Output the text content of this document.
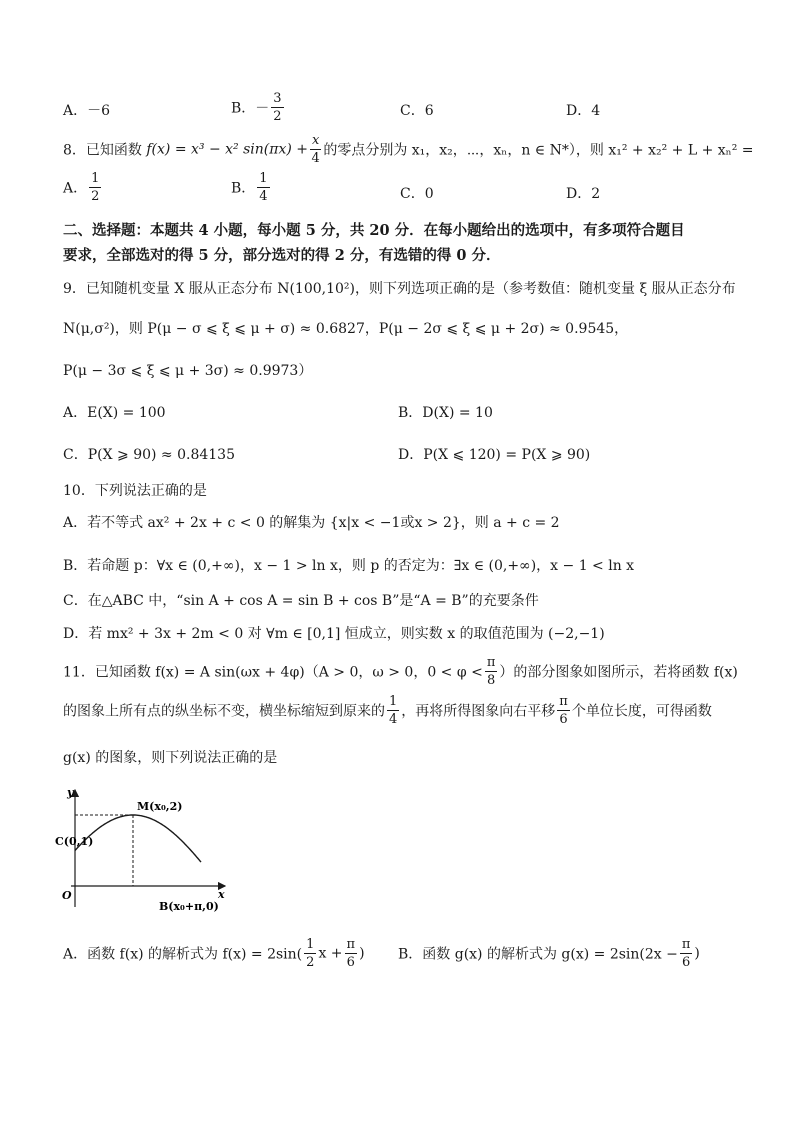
A．－6	B．－ $\frac{3}{2}$	C．6	D．4
8．已知函数 f(x) = x³ − x² $\sin(\pi x) + \frac{x}{4}$ 的零点分别为 x₁，x₂，⋯，xₙ，n ∈ N*），则 x₁² + x₂² + L + xₙ² =
A． $\frac{1}{2}$	B． $\frac{1}{4}$	C．0	D．2
二、选择题：本题共 4 小题，每小题 5 分，共 20 分．在每小题给出的选项中，有多项符合题目
要求，全部选对的得 5 分，部分选对的得 2 分，有选错的得 0 分．
9．已知随机变量 X 服从正态分布 N(100,10²)，则下列选项正确的是（参考数值：随机变量 ξ 服从正态分布
N(μ,σ²)，则 P(μ − σ ⩽ ξ ⩽ μ + σ) ≈ 0.6827，P(μ − 2σ ⩽ ξ ⩽ μ + 2σ) ≈ 0.9545，
P(μ − 3σ ⩽ ξ ⩽ μ + 3σ) ≈ 0.9973）
A．E(X) = 100	B．D(X) = 10
C．P(X ⩾ 90) ≈ 0.84135	D．P(X ⩽ 120) = P(X ⩾ 90)
10．下列说法正确的是
A．若不等式 ax² + 2x + c < 0 的解集为 {x|x < −1或x > 2}，则 a + c = 2
B．若命题 p：∀x ∈ (0,+∞)，x − 1 > ln x，则 p 的否定为：∃x ∈ (0,+∞)，x − 1 < ln x
C．在△ABC 中，“sin A + cos A = sin B + cos B”是“A = B”的充要条件
D．若 mx² + 3x + 2m < 0 对 ∀m ∈ [0,1] 恒成立，则实数 x 的取值范围为 (−2,−1)
11．已知函数 f(x) = A sin(ωx + 4φ)（A > 0，ω > 0，$0 < \varphi < \frac{\pi}{8}$ ）的部分图象如图所示，若将函数 f(x)
的图象上所有点的纵坐标不变，横坐标缩短到原来的 $\frac{1}{4}$ ，再将所得图象向右平移 $\frac{\pi}{6}$ 个单位长度，可得函数
g(x) 的图象，则下列说法正确的是
y
x
O
C(0,1)
M(x₀,2)
B(x₀+π,0)
A．函数 f(x) 的解析式为 $f(x) = 2\sin( \frac{1}{2}$ $x + \frac{\pi}{6}$ ) B．函数 g(x) 的解析式为 $g(x) = 2\sin(2x - \frac{\pi}{6}$ )
